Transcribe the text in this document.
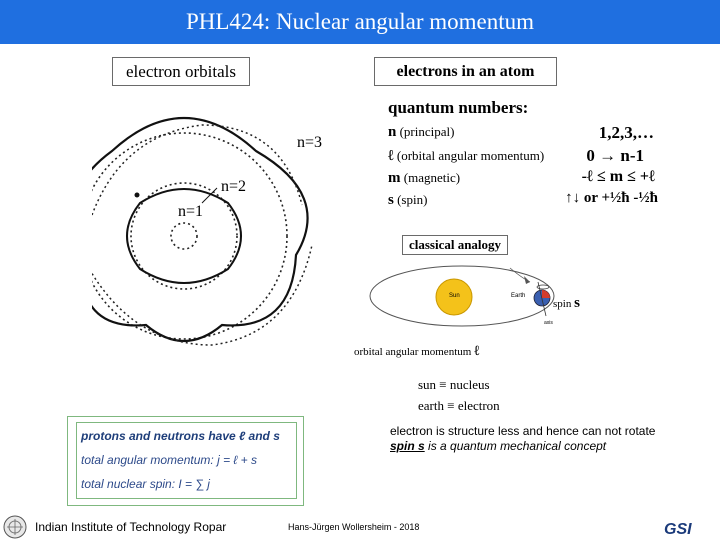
PHL424: Nuclear angular momentum
electron orbitals
n=3
n=2
n=1
electrons in an atom
quantum numbers:
n (principal)	1,2,3,…
ℓ (orbital angular momentum)	0 → n-1
m (magnetic)	-ℓ ≤ m ≤ +ℓ
s (spin)	↑↓ or +½ħ -½ħ
classical analogy
Sun	Earth
axis
spin s
orbital angular momentum ℓ
sun ≡ nucleus
earth ≡ electron
electron is structure less and hence can not rotate
spin s is a quantum mechanical concept
protons and neutrons have ℓ and s
total angular momentum: j = ℓ + s
total nuclear spin: I = ∑ j
Indian Institute of Technology Ropar	Hans-Jürgen Wollersheim - 2018	GSI
